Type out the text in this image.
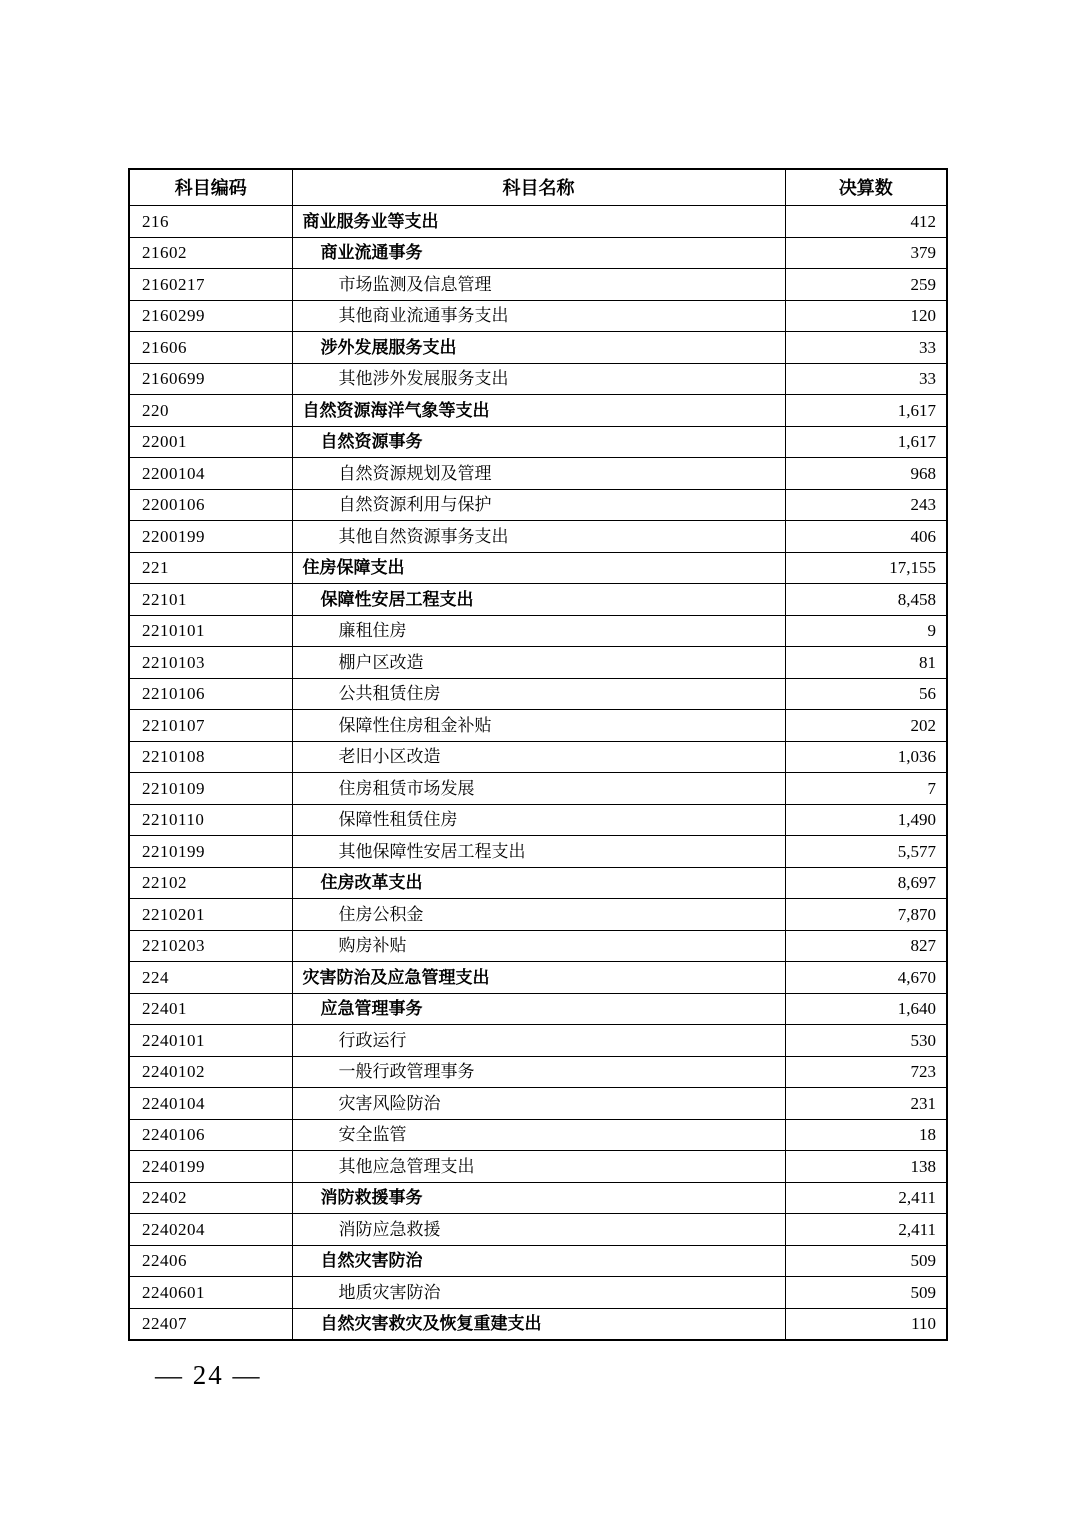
科目编码	科目名称	决算数
216	商业服务业等支出	412
21602	商业流通事务	379
2160217	市场监测及信息管理	259
2160299	其他商业流通事务支出	120
21606	涉外发展服务支出	33
2160699	其他涉外发展服务支出	33
220	自然资源海洋气象等支出	1,617
22001	自然资源事务	1,617
2200104	自然资源规划及管理	968
2200106	自然资源利用与保护	243
2200199	其他自然资源事务支出	406
221	住房保障支出	17,155
22101	保障性安居工程支出	8,458
2210101	廉租住房	9
2210103	棚户区改造	81
2210106	公共租赁住房	56
2210107	保障性住房租金补贴	202
2210108	老旧小区改造	1,036
2210109	住房租赁市场发展	7
2210110	保障性租赁住房	1,490
2210199	其他保障性安居工程支出	5,577
22102	住房改革支出	8,697
2210201	住房公积金	7,870
2210203	购房补贴	827
224	灾害防治及应急管理支出	4,670
22401	应急管理事务	1,640
2240101	行政运行	530
2240102	一般行政管理事务	723
2240104	灾害风险防治	231
2240106	安全监管	18
2240199	其他应急管理支出	138
22402	消防救援事务	2,411
2240204	消防应急救援	2,411
22406	自然灾害防治	509
2240601	地质灾害防治	509
22407	自然灾害救灾及恢复重建支出	110
— 24 —
